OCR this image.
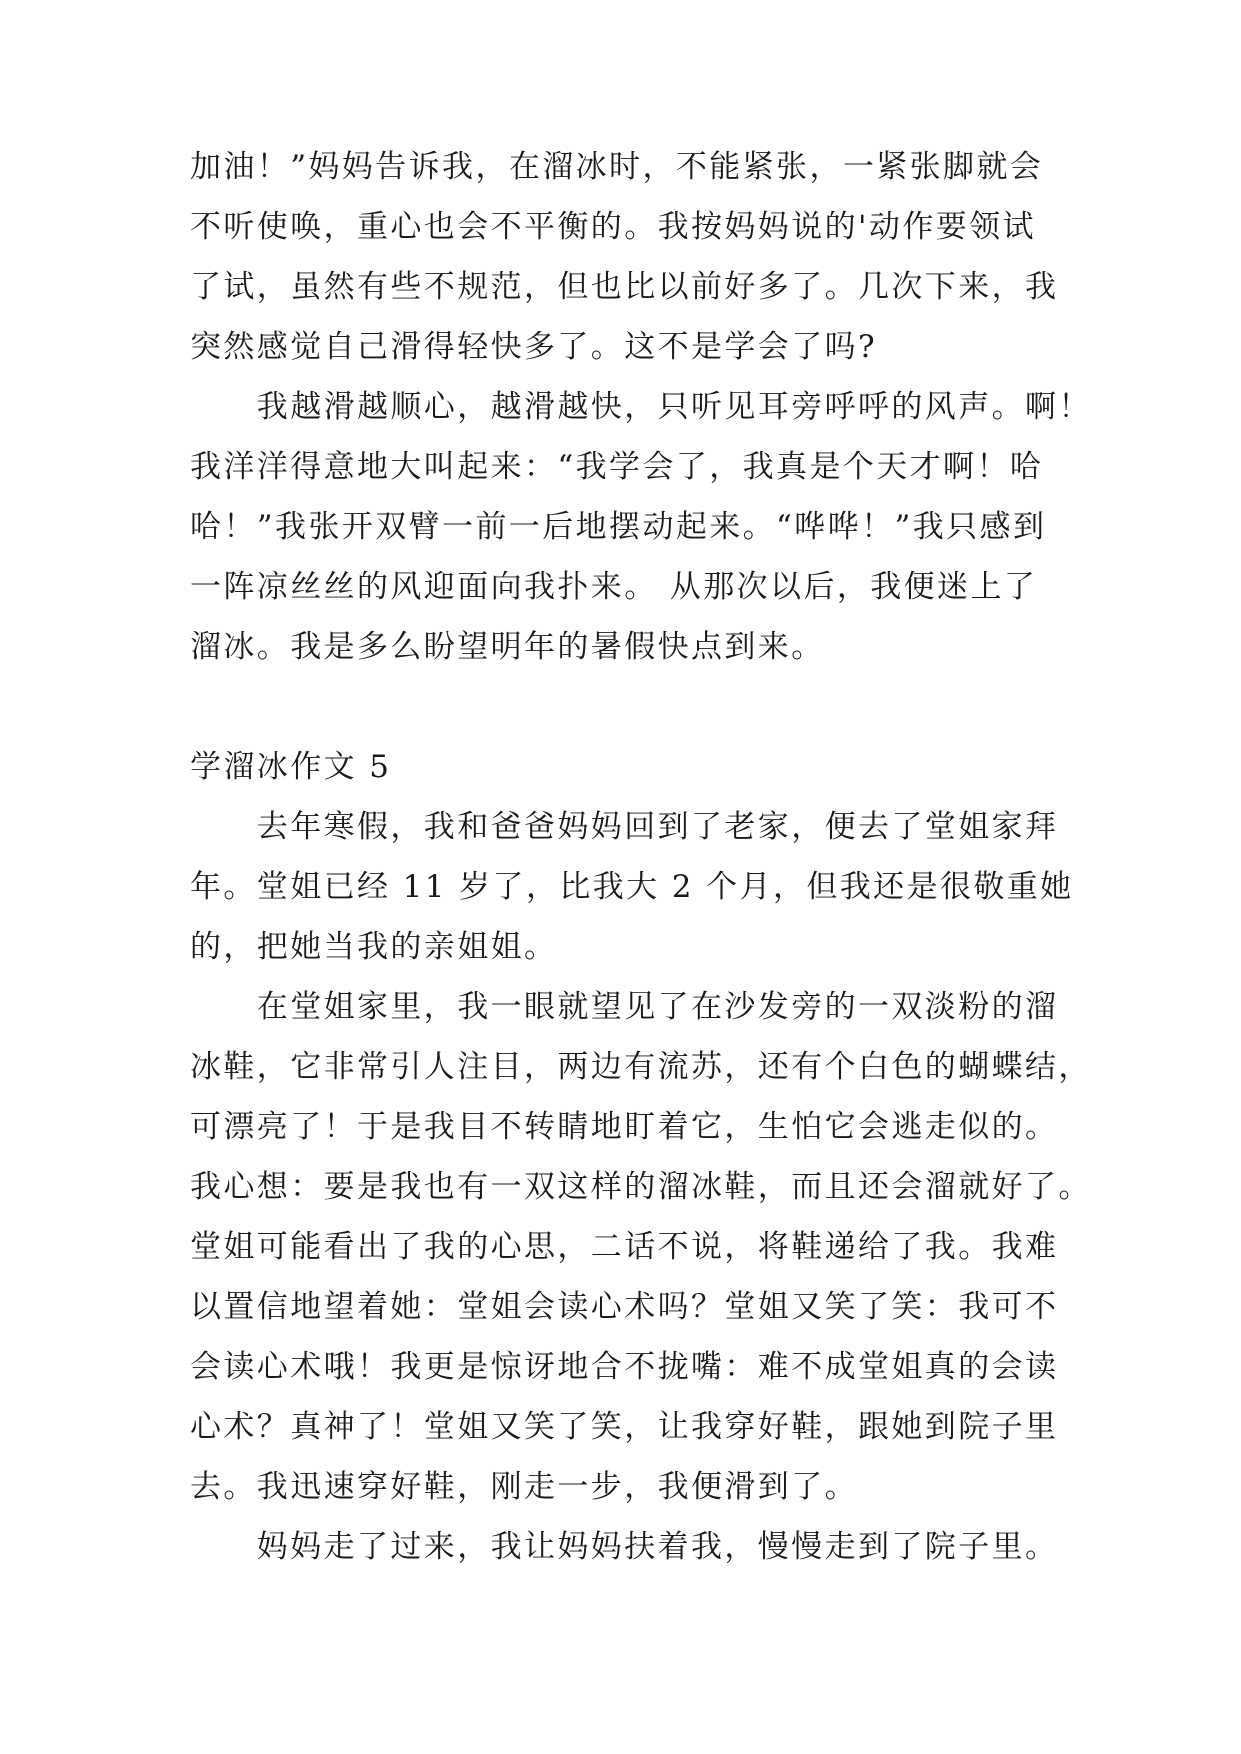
加油！”妈妈告诉我，在溜冰时，不能紧张，一紧张脚就会
不听使唤，重心也会不平衡的。我按妈妈说的'动作要领试
了试，虽然有些不规范，但也比以前好多了。几次下来，我
突然感觉自己滑得轻快多了。这不是学会了吗?
　　我越滑越顺心，越滑越快，只听见耳旁呼呼的风声。啊！
我洋洋得意地大叫起来：“我学会了，我真是个天才啊！哈
哈！”我张开双臂一前一后地摆动起来。“哗哗！”我只感到
一阵凉丝丝的风迎面向我扑来。 从那次以后，我便迷上了
溜冰。我是多么盼望明年的暑假快点到来。
学溜冰作文 5
　　去年寒假，我和爸爸妈妈回到了老家，便去了堂姐家拜
年。堂姐已经 11 岁了，比我大 2 个月，但我还是很敬重她
的，把她当我的亲姐姐。
　　在堂姐家里，我一眼就望见了在沙发旁的一双淡粉的溜
冰鞋，它非常引人注目，两边有流苏，还有个白色的蝴蝶结，
可漂亮了！于是我目不转睛地盯着它，生怕它会逃走似的。
我心想：要是我也有一双这样的溜冰鞋，而且还会溜就好了。
堂姐可能看出了我的心思，二话不说，将鞋递给了我。我难
以置信地望着她：堂姐会读心术吗？堂姐又笑了笑：我可不
会读心术哦！我更是惊讶地合不拢嘴：难不成堂姐真的会读
心术？真神了！堂姐又笑了笑，让我穿好鞋，跟她到院子里
去。我迅速穿好鞋，刚走一步，我便滑到了。
　　妈妈走了过来，我让妈妈扶着我，慢慢走到了院子里。
